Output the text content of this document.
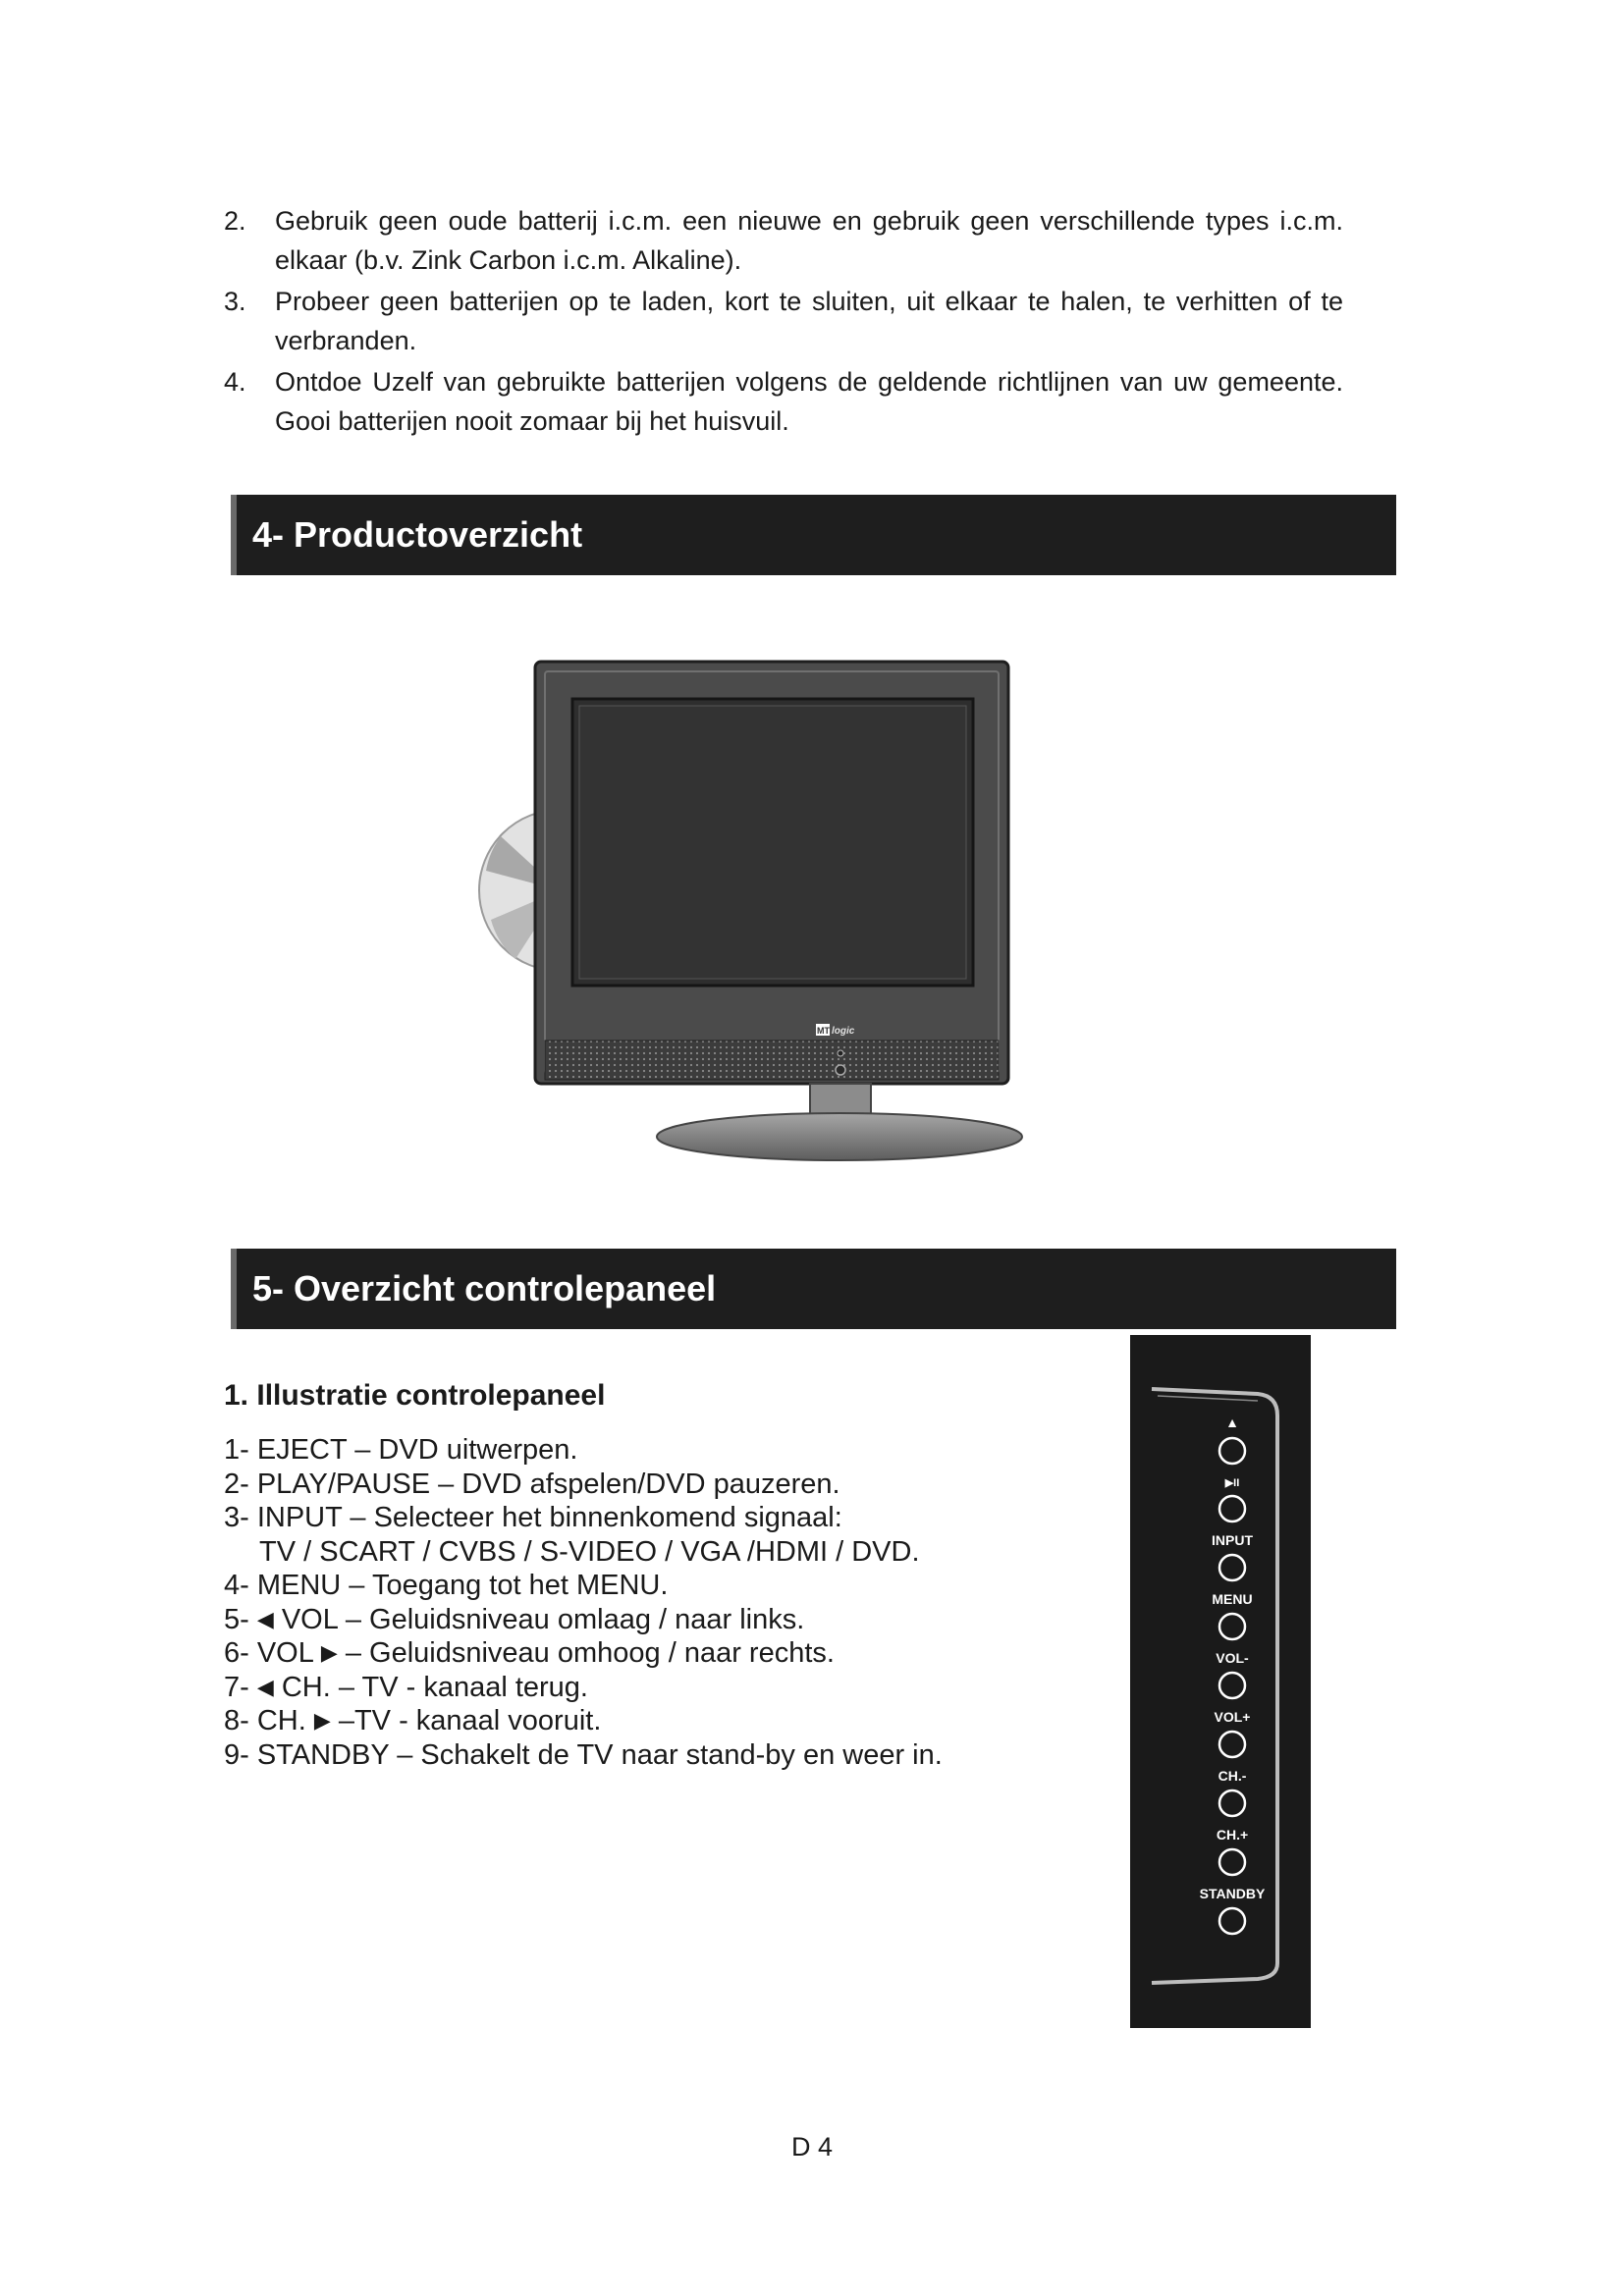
2. Gebruik geen oude batterij i.c.m. een nieuwe en gebruik geen verschillende types i.c.m. elkaar (b.v. Zink Carbon i.c.m. Alkaline).
3. Probeer geen batterijen op te laden, kort te sluiten, uit elkaar te halen, te verhitten of te verbranden.
4. Ontdoe Uzelf van gebruikte batterijen volgens de geldende richtlijnen van uw gemeente. Gooi batterijen nooit zomaar bij het huisvuil.
4- Productoverzicht
MT logic
5- Overzicht controlepaneel
1. Illustratie controlepaneel
1- EJECT – DVD uitwerpen.
2- PLAY/PAUSE – DVD afspelen/DVD pauzeren.
3- INPUT – Selecteer het binnenkomend signaal:
TV / SCART / CVBS / S-VIDEO / VGA /HDMI / DVD.
4- MENU – Toegang tot het MENU.
5- ◀ VOL – Geluidsniveau omlaag / naar links.
6- VOL ▶ – Geluidsniveau omhoog / naar rechts.
7- ◀ CH. – TV - kanaal terug.
8- CH. ▶ –TV - kanaal vooruit.
9- STANDBY – Schakelt de TV naar stand-by en weer in.
▲
▶II
INPUT
MENU
VOL-
VOL+
CH.-
CH.+
STANDBY
D 4
